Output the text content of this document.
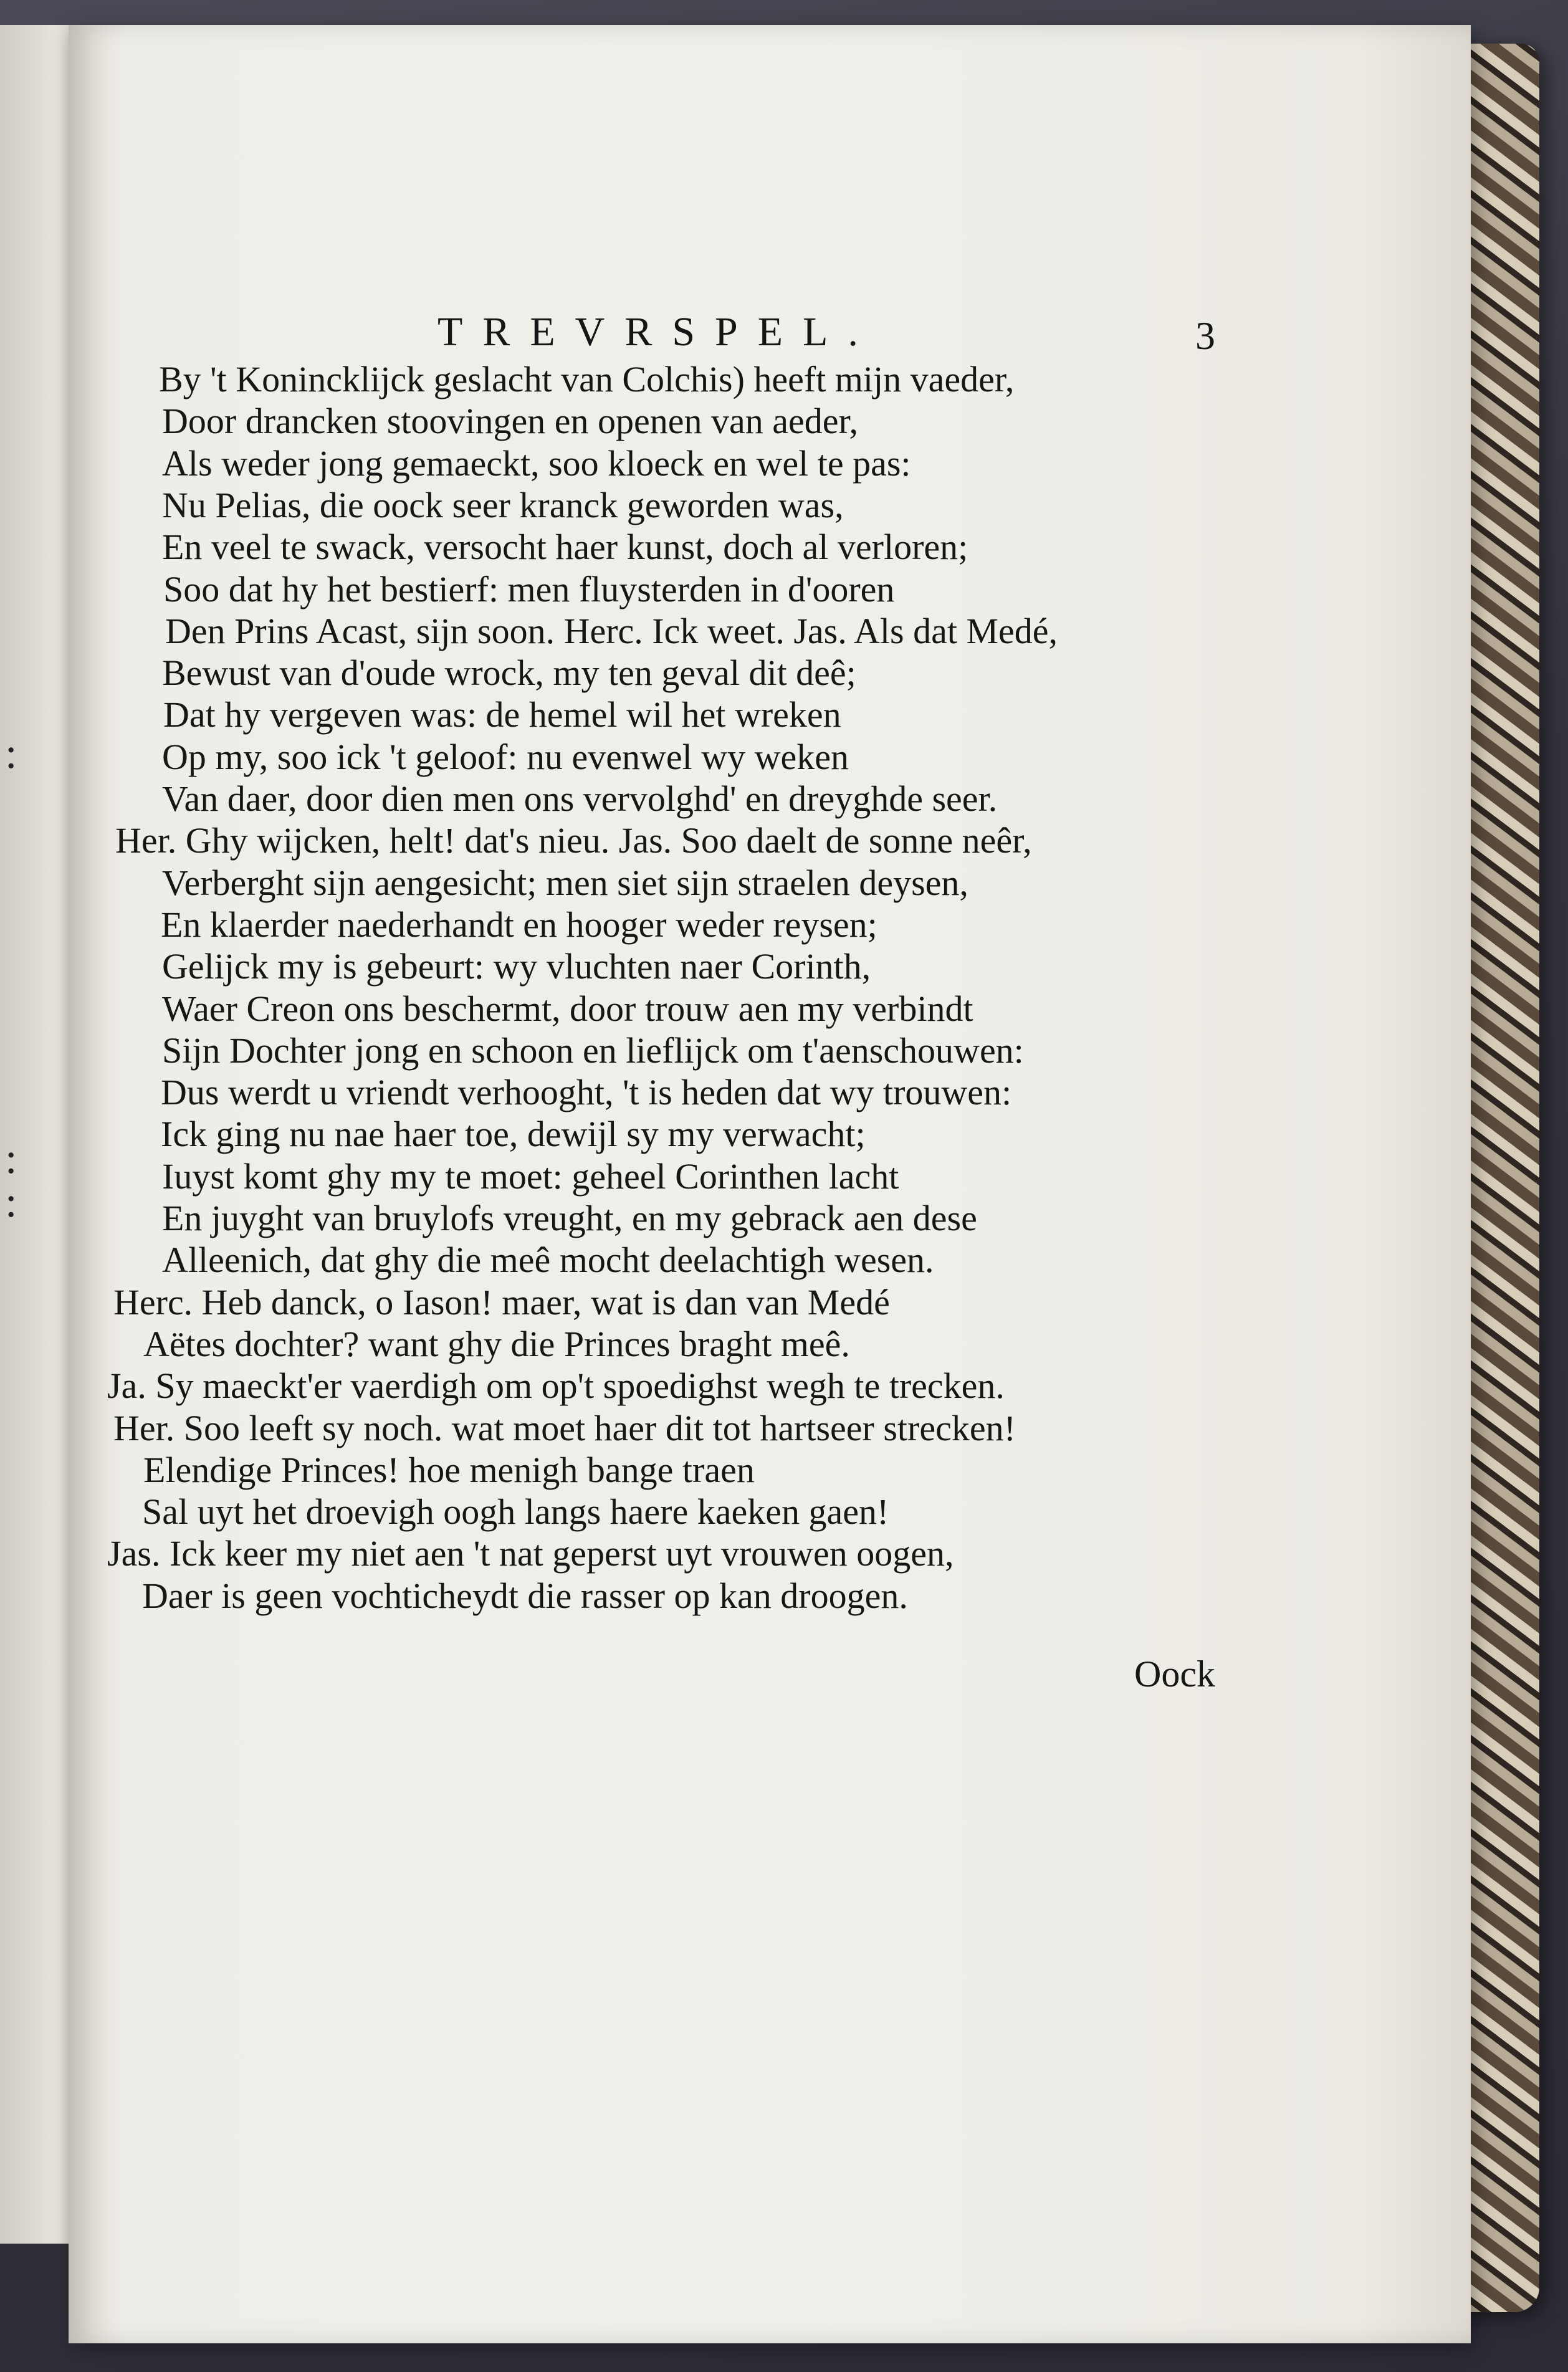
:
:
:
TREVRSPEL.	3
By 't Konincklijck geslacht van Colchis) heeft mijn vaeder,
Door drancken stoovingen en openen van aeder,
Als weder jong gemaeckt, soo kloeck en wel te pas:
Nu Pelias, die oock seer kranck geworden was,
En veel te swack, versocht haer kunst, doch al verloren;
Soo dat hy het bestierf: men fluysterden in d'ooren
Den Prins Acast, sijn soon. Herc. Ick weet. Jas. Als dat Medé,
Bewust van d'oude wrock, my ten geval dit deê;
Dat hy vergeven was: de hemel wil het wreken
Op my, soo ick 't geloof: nu evenwel wy weken
Van daer, door dien men ons vervolghd' en dreyghde seer.
Her. Ghy wijcken, helt! dat's nieu. Jas. Soo daelt de sonne neêr,
Verberght sijn aengesicht; men siet sijn straelen deysen,
En klaerder naederhandt en hooger weder reysen;
Gelijck my is gebeurt: wy vluchten naer Corinth,
Waer Creon ons beschermt, door trouw aen my verbindt
Sijn Dochter jong en schoon en lieflijck om t'aenschouwen:
Dus werdt u vriendt verhooght, 't is heden dat wy trouwen:
Ick ging nu nae haer toe, dewijl sy my verwacht;
Iuyst komt ghy my te moet: geheel Corinthen lacht
En juyght van bruylofs vreught, en my gebrack aen dese
Alleenich, dat ghy die meê mocht deelachtigh wesen.
Herc. Heb danck, o Iason! maer, wat is dan van Medé
Aëtes dochter? want ghy die Princes braght meê.
Ja. Sy maeckt'er vaerdigh om op't spoedighst wegh te trecken.
Her. Soo leeft sy noch. wat moet haer dit tot hartseer strecken!
Elendige Princes! hoe menigh bange traen
Sal uyt het droevigh oogh langs haere kaeken gaen!
Jas. Ick keer my niet aen 't nat geperst uyt vrouwen oogen,
Daer is geen vochticheydt die rasser op kan droogen.
Oock
